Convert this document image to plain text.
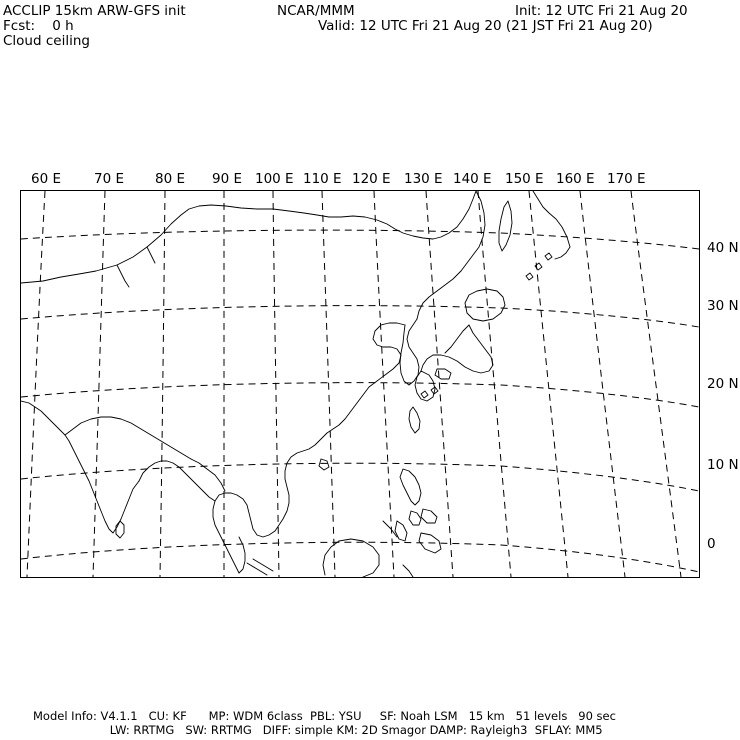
ACCLIP 15km ARW-GFS init	NCAR/MMM	Init: 12 UTC Fri 21 Aug 20
Fcst:    0 h	Valid: 12 UTC Fri 21 Aug 20 (21 JST Fri 21 Aug 20)
Cloud ceiling
60 E 70 E 80 E 90 E 100 E 110 E 120 E 130 E 140 E 150 E 160 E 170 E
40 N
30 N
20 N
10 N
0
Model Info: V4.1.1   CU: KF      MP: WDM 6class  PBL: YSU     SF: Noah LSM   15 km   51 levels   90 sec
LW: RRTMG   SW: RRTMG   DIFF: simple KM: 2D Smagor DAMP: Rayleigh3  SFLAY: MM5
